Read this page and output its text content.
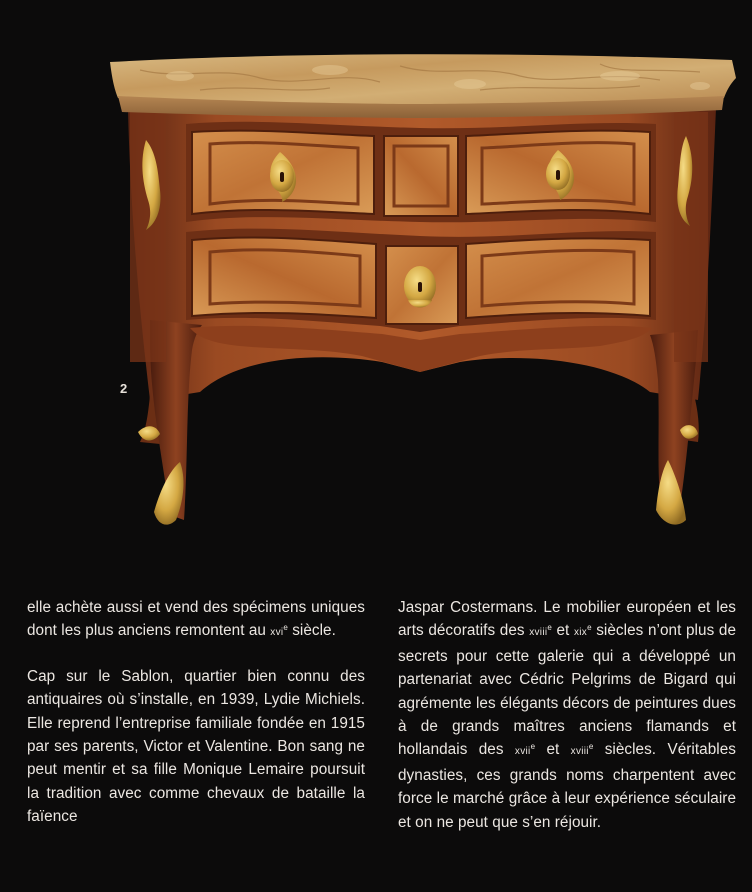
2

elle achète aussi et vend des spécimens uniques dont les plus anciens remontent au xvi$^e$ siècle.

Cap sur le Sablon, quartier bien connu des antiquaires où s’installe, en 1939, Lydie Michiels. Elle reprend l’entreprise familiale fondée en 1915 par ses parents, Victor et Valentine. Bon sang ne peut mentir et sa fille Monique Lemaire poursuit la tradition avec comme chevaux de bataille la faïence

Jaspar Costermans. Le mobilier européen et les arts décoratifs des xviii$^e$ et xix$^e$ siècles n’ont plus de secrets pour cette galerie qui a développé un partenariat avec Cédric Pelgrims de Bigard qui agrémente les élégants décors de peintures dues à de grands maîtres anciens flamands et hollandais des xvii$^e$ et xviii$^e$ siècles. Véritables dynasties, ces grands noms charpentent avec force le marché grâce à leur expérience séculaire et on ne peut que s’en réjouir.
